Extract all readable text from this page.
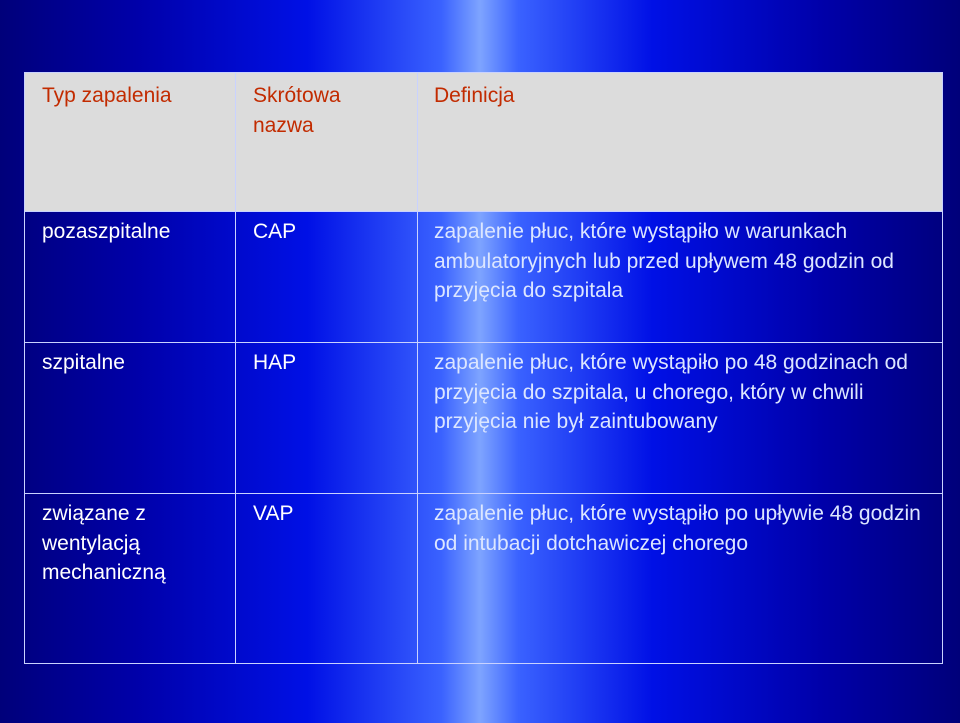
Typ zapalenia	Skrótowa nazwa	Definicja

pozaszpitalne	CAP	zapalenie płuc, które wystąpiło w warunkach ambulatoryjnych lub przed upływem 48 godzin od przyjęcia do szpitala

szpitalne	HAP	zapalenie płuc, które wystąpiło po 48 godzinach od przyjęcia do szpitala, u chorego, który w chwili przyjęcia nie był zaintubowany

związane z wentylacją mechaniczną	VAP	zapalenie płuc, które wystąpiło po upływie 48 godzin od intubacji dotchawiczej chorego
